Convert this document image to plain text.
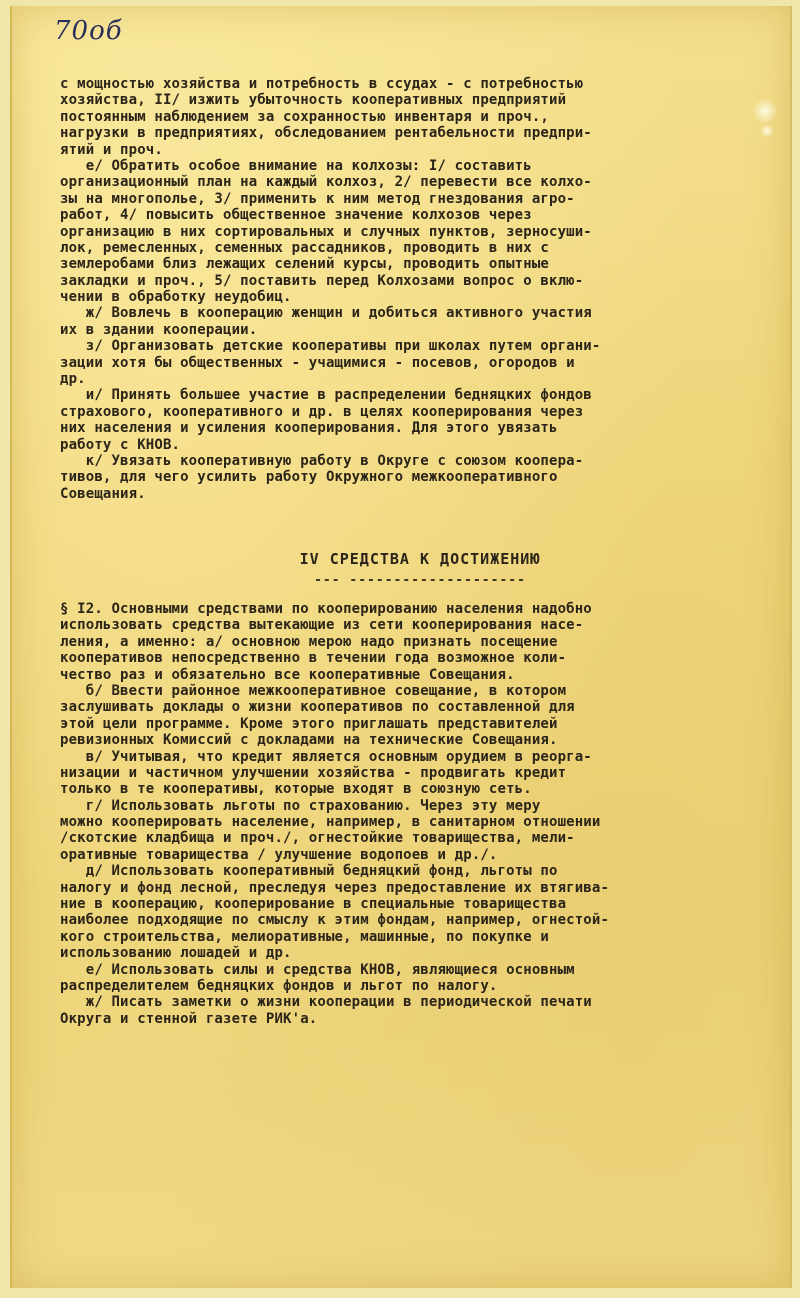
70об
с мощностью хозяйства и потребность в ссудах - с потребностью
хозяйства, II/ изжить убыточность кооперативных предприятий
постоянным наблюдением за сохранностью инвентаря и проч.,
нагрузки в предприятиях, обследованием рентабельности предпри-
ятий и проч.
е/ Обратить особое внимание на колхозы: I/ составить
организационный план на каждый колхоз, 2/ перевести все колхо-
зы на многополье, 3/ применить к ним метод гнездования агро-
работ, 4/ повысить общественное значение колхозов через
организацию в них сортировальных и случных пунктов, зерносуши-
лок, ремесленных, семенных рассадников, проводить в них с
землеробами близ лежащих селений курсы, проводить опытные
закладки и проч., 5/ поставить перед Колхозами вопрос о вклю-
чении в обработку неудобиц.
ж/ Вовлечь в кооперацию женщин и добиться активного участия
их в здании кооперации.
з/ Организовать детские кооперативы при школах путем органи-
зации хотя бы общественных - учащимися - посевов, огородов и
др.
и/ Принять большее участие в распределении бедняцких фондов
страхового, кооперативного и др. в целях кооперирования через
них населения и усиления кооперирования. Для этого увязать
работу с КНОВ.
к/ Увязать кооперативную работу в Округе с союзом коопера-
тивов, для чего усилить работу Окружного межкооперативного
Совещания.
IV СРЕДСТВА К ДОСТИЖЕНИЮ
--- --------------------
§ I2. Основными средствами по кооперированию населения надобно
использовать средства вытекающие из сети кооперирования насе-
ления, а именно: а/ основною мерою надо признать посещение
кооперативов непосредственно в течении года возможное коли-
чество раз и обязательно все кооперативные Совещания.
б/ Ввести районное межкооперативное совещание, в котором
заслушивать доклады о жизни кооперативов по составленной для
этой цели программе. Кроме этого приглашать представителей
ревизионных Комиссий с докладами на технические Совещания.
в/ Учитывая, что кредит является основным орудием в реорга-
низации и частичном улучшении хозяйства - продвигать кредит
только в те кооперативы, которые входят в союзную сеть.
г/ Использовать льготы по страхованию. Через эту меру
можно кооперировать население, например, в санитарном отношении
/скотские кладбища и проч./, огнестойкие товарищества, мели-
оративные товарищества / улучшение водопоев и др./.
д/ Использовать кооперативный бедняцкий фонд, льготы по
налогу и фонд лесной, преследуя через предоставление их втягива-
ние в кооперацию, кооперирование в специальные товарищества
наиболее подходящие по смыслу к этим фондам, например, огнестой-
кого строительства, мелиоративные, машинные, по покупке и
использованию лошадей и др.
е/ Использовать силы и средства КНОВ, являющиеся основным
распределителем бедняцких фондов и льгот по налогу.
ж/ Писать заметки о жизни кооперации в периодической печати
Округа и стенной газете РИК'а.
